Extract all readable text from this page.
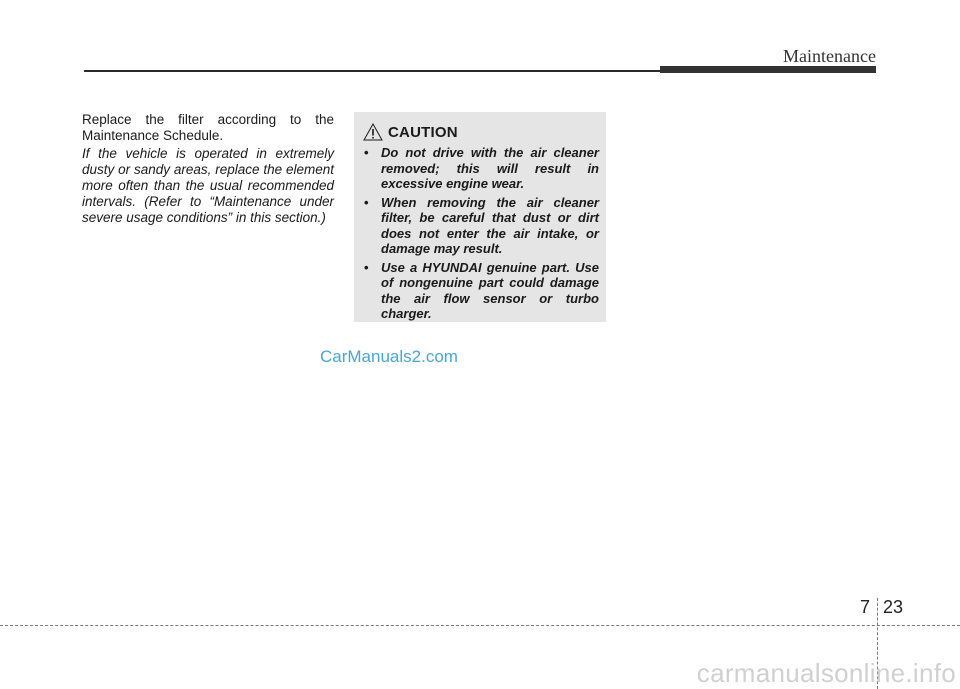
Maintenance

Replace the filter according to the Maintenance Schedule.

If the vehicle is operated in extremely dusty or sandy areas, replace the element more often than the usual recommended intervals. (Refer to “Maintenance under severe usage conditions” in this section.)

CAUTION
• Do not drive with the air cleaner removed; this will result in excessive engine wear.
• When removing the air cleaner filter, be careful that dust or dirt does not enter the air intake, or damage may result.
• Use a HYUNDAI genuine part. Use of nongenuine part could damage the air flow sensor or turbo charger.
CarManuals2.com
7 23
carmanualsonline.info
